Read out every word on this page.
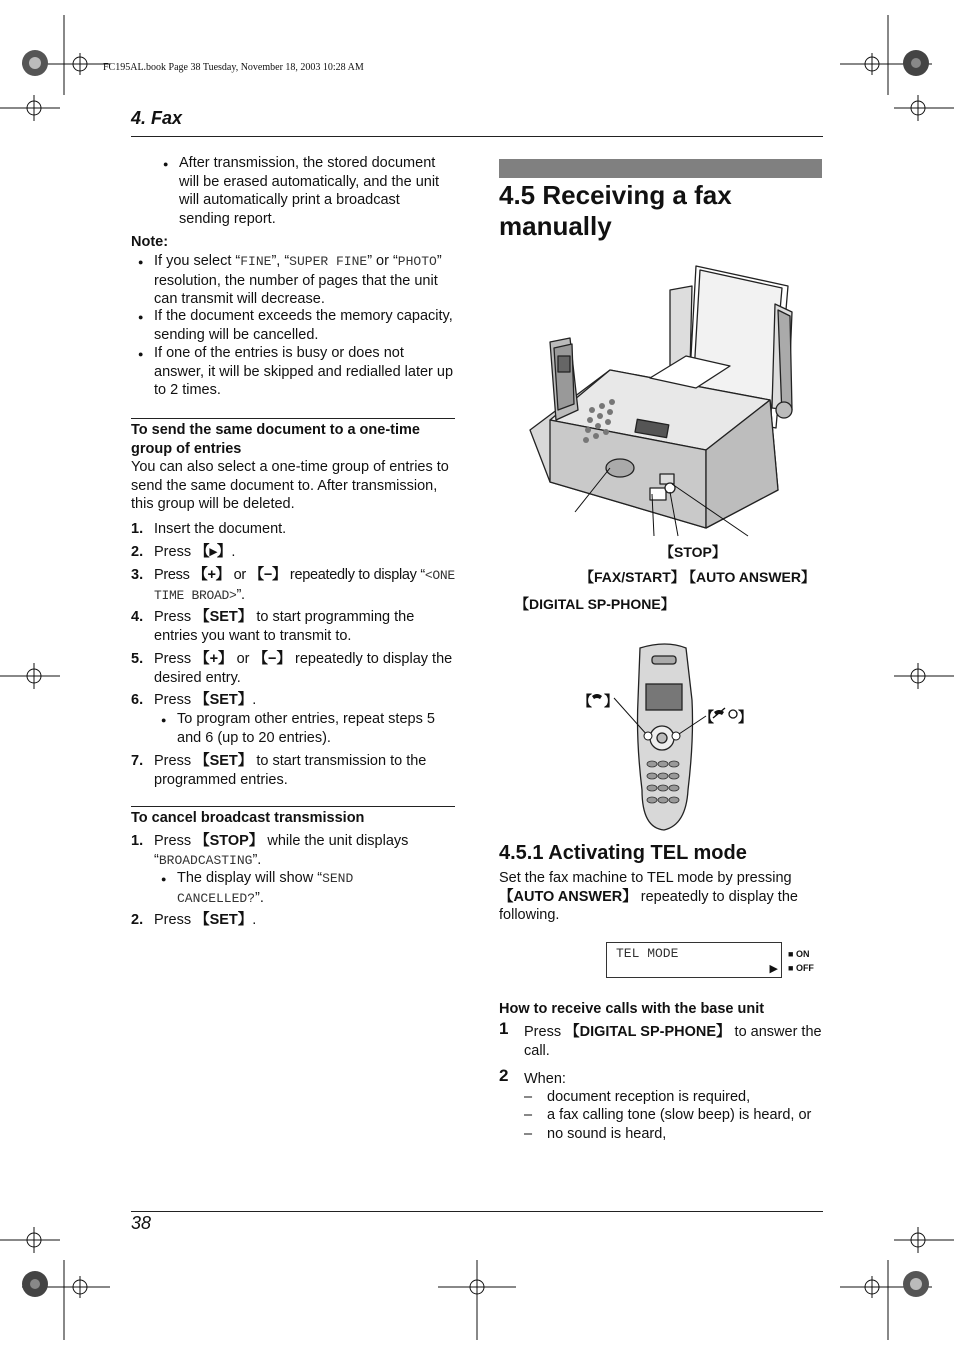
FC195AL.book Page 38 Tuesday, November 18, 2003 10:28 AM
4. Fax
● After transmission, the stored document will be erased automatically, and the unit will automatically print a broadcast sending report.
Note:
● If you select “FINE”, “SUPER FINE” or “PHOTO” resolution, the number of pages that the unit can transmit will decrease.
● If the document exceeds the memory capacity, sending will be cancelled.
● If one of the entries is busy or does not answer, it will be skipped and redialled later up to 2 times.
To send the same document to a one-time group of entries
You can also select a one-time group of entries to send the same document to. After transmission, this group will be deleted.
1. Insert the document.
2. Press 【▸】.
3. Press 【+】 or 【−】 repeatedly to display “<ONE TIME BROAD>”.
4. Press 【SET】 to start programming the entries you want to transmit to.
5. Press 【+】 or 【−】 repeatedly to display the desired entry.
6. Press 【SET】.
● To program other entries, repeat steps 5 and 6 (up to 20 entries).
7. Press 【SET】 to start transmission to the programmed entries.
To cancel broadcast transmission
1. Press 【STOP】 while the unit displays “BROADCASTING”.
● The display will show “SEND CANCELLED?”.
2. Press 【SET】.
4.5 Receiving a fax manually
【STOP】
【FAX/START】
【AUTO ANSWER】
【DIGITAL SP-PHONE】
【 】
【 】
4.5.1 Activating TEL mode
Set the fax machine to TEL mode by pressing 【AUTO ANSWER】 repeatedly to display the following.
TEL MODE
▶
■ ON
■ OFF
How to receive calls with the base unit
1 Press 【DIGITAL SP-PHONE】 to answer the call.
2 When:
– document reception is required,
– a fax calling tone (slow beep) is heard, or
– no sound is heard,
38
